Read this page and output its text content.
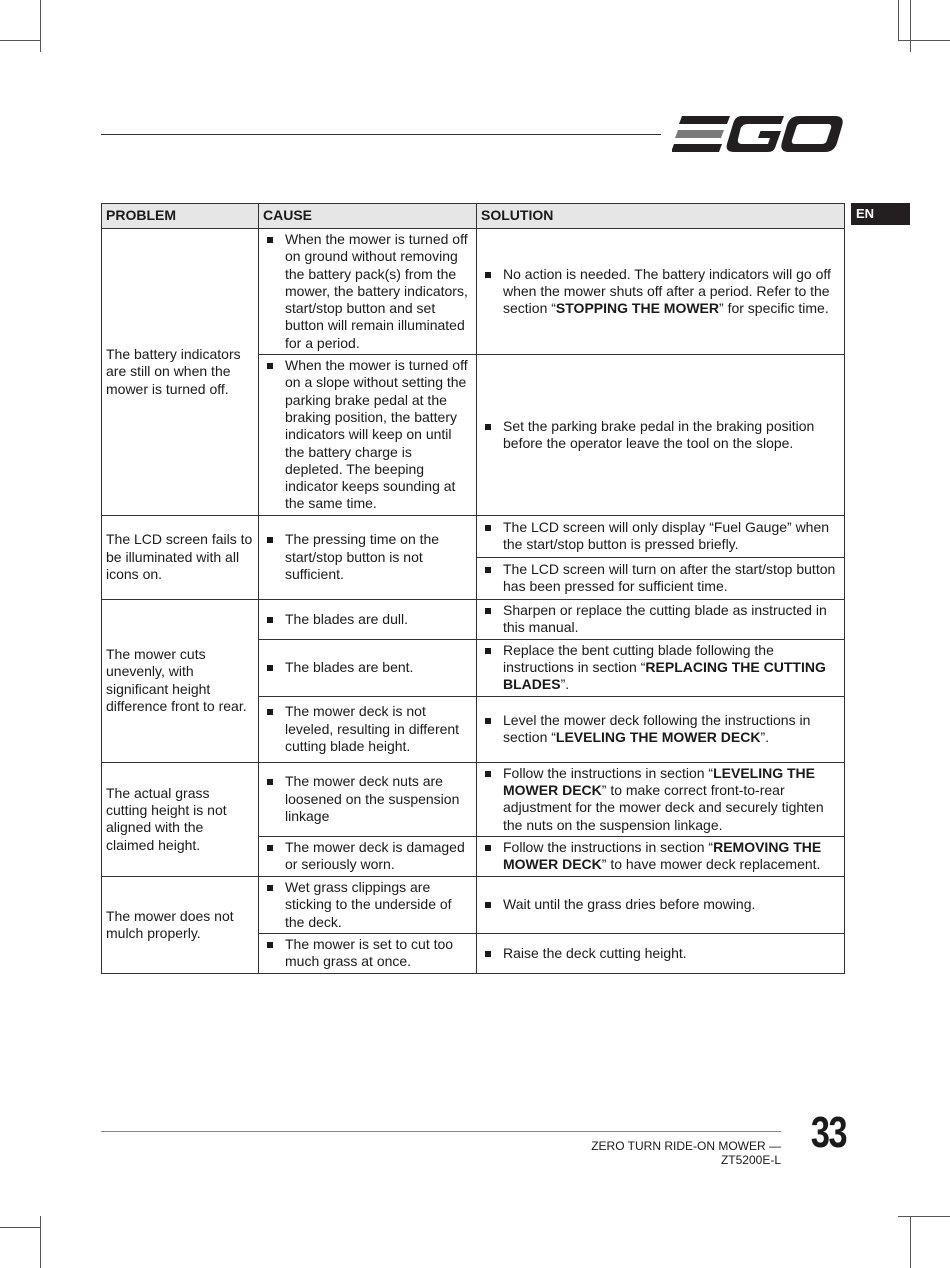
EN
PROBLEM	CAUSE	SOLUTION
The battery indicators are still on when the mower is turned off.	When the mower is turned off on ground without removing the battery pack(s) from the mower, the battery indicators, start/stop button and set button will remain illuminated for a period.	No action is needed. The battery indicators will go off when the mower shuts off after a period. Refer to the section “STOPPING THE MOWER” for specific time.

	When the mower is turned off on a slope without setting the parking brake pedal at the braking position, the battery indicators will keep on until the battery charge is depleted. The beeping indicator keeps sounding at the same time.	Set the parking brake pedal in the braking position before the operator leave the tool on the slope.

The LCD screen fails to be illuminated with all icons on.	The pressing time on the start/stop button is not sufficient.	The LCD screen will only display “Fuel Gauge” when the start/stop button is pressed briefly.

		The LCD screen will turn on after the start/stop button has been pressed for sufficient time.

The mower cuts unevenly, with significant height difference front to rear.	The blades are dull.	Sharpen or replace the cutting blade as instructed in this manual.

	The blades are bent.	Replace the bent cutting blade following the instructions in section “REPLACING THE CUTTING BLADES”.

	The mower deck is not leveled, resulting in different cutting blade height.	Level the mower deck following the instructions in section “LEVELING THE MOWER DECK”.

The actual grass cutting height is not aligned with the claimed height.	The mower deck nuts are loosened on the suspension linkage	Follow the instructions in section “LEVELING THE MOWER DECK” to make correct front-to-rear adjustment for the mower deck and securely tighten the nuts on the suspension linkage.

	The mower deck is damaged or seriously worn.	Follow the instructions in section “REMOVING THE MOWER DECK” to have mower deck replacement.

The mower does not mulch properly.	Wet grass clippings are sticking to the underside of the deck.	Wait until the grass dries before mowing.

	The mower is set to cut too much grass at once.	Raise the deck cutting height.
ZERO TURN RIDE-ON MOWER — ZT5200E-L
33
